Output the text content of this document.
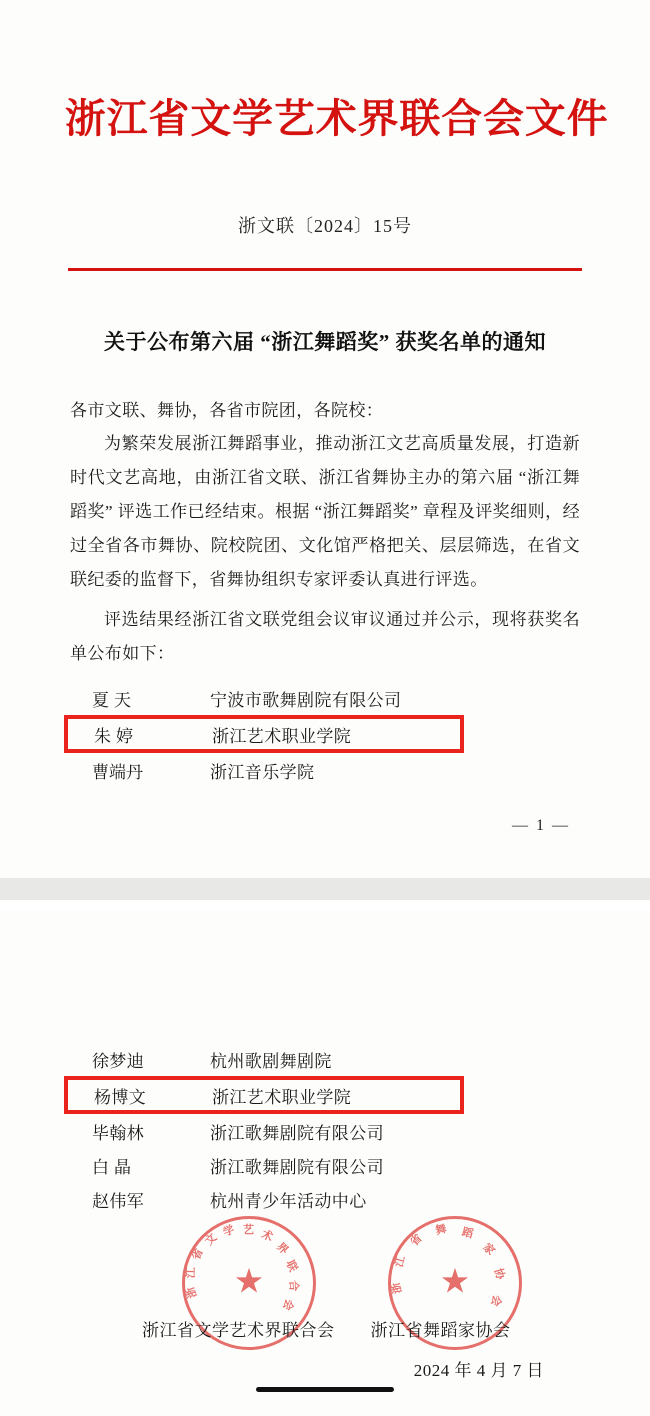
浙江省文学艺术界联合会文件
浙文联〔2024〕15号
关于公布第六届 “浙江舞蹈奖” 获奖名单的通知
各市文联、舞协，各省市院团，各院校：

为繁荣发展浙江舞蹈事业，推动浙江文艺高质量发展，打造新时代文艺高地，由浙江省文联、浙江省舞协主办的第六届 “浙江舞蹈奖” 评选工作已经结束。根据 “浙江舞蹈奖” 章程及评奖细则，经过全省各市舞协、院校院团、文化馆严格把关、层层筛选，在省文联纪委的监督下，省舞协组织专家评委认真进行评选。

评选结果经浙江省文联党组会议审议通过并公示，现将获奖名单公布如下：

夏 天	宁波市歌舞剧院有限公司
朱 婷	浙江艺术职业学院
曹端丹	浙江音乐学院
— 1 —
徐梦迪	杭州歌剧舞剧院
杨博文	浙江艺术职业学院
毕翰林	浙江歌舞剧院有限公司
白 晶	浙江歌舞剧院有限公司
赵伟军	杭州青少年活动中心
浙
江
省
文 学 艺 术
界
联
合
会
★	浙
江
省
舞 蹈
家
协
会
★
浙江省文学艺术界联合会 浙江省舞蹈家协会
2024 年 4 月 7 日
